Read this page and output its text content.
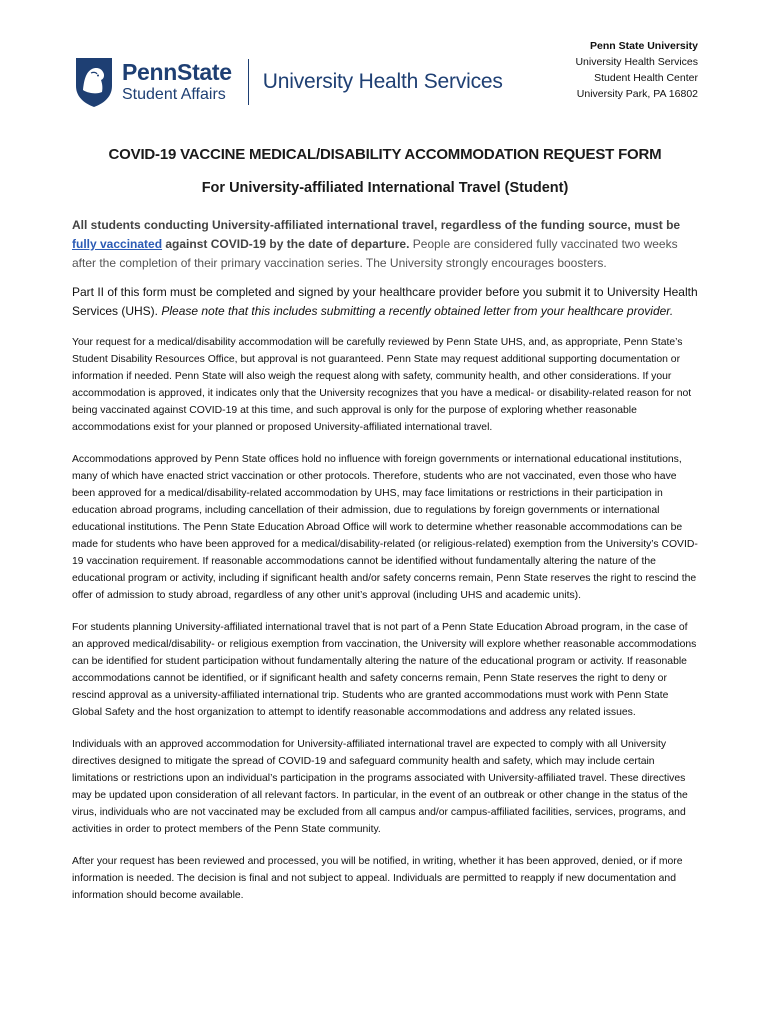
PennState
Student Affairs
University Health Services
Penn State University
University Health Services
Student Health Center
University Park, PA 16802
COVID-19 VACCINE MEDICAL/DISABILITY ACCOMMODATION REQUEST FORM
For University-affiliated International Travel (Student)

All students conducting University-affiliated international travel, regardless of the funding source, must be fully vaccinated against COVID-19 by the date of departure. People are considered fully vaccinated two weeks after the completion of their primary vaccination series. The University strongly encourages boosters.

Part II of this form must be completed and signed by your healthcare provider before you submit it to University Health Services (UHS). Please note that this includes submitting a recently obtained letter from your healthcare provider.

Your request for a medical/disability accommodation will be carefully reviewed by Penn State UHS, and, as appropriate, Penn State’s Student Disability Resources Office, but approval is not guaranteed. Penn State may request additional supporting documentation or information if needed. Penn State will also weigh the request along with safety, community health, and other considerations. If your accommodation is approved, it indicates only that the University recognizes that you have a medical- or disability-related reason for not being vaccinated against COVID-19 at this time, and such approval is only for the purpose of exploring whether reasonable accommodations exist for your planned or proposed University-affiliated international travel.

Accommodations approved by Penn State offices hold no influence with foreign governments or international educational institutions, many of which have enacted strict vaccination or other protocols. Therefore, students who are not vaccinated, even those who have been approved for a medical/disability-related accommodation by UHS, may face limitations or restrictions in their participation in education abroad programs, including cancellation of their admission, due to regulations by foreign governments or international educational institutions. The Penn State Education Abroad Office will work to determine whether reasonable accommodations can be made for students who have been approved for a medical/disability-related (or religious-related) exemption from the University’s COVID-19 vaccination requirement. If reasonable accommodations cannot be identified without fundamentally altering the nature of the educational program or activity, including if significant health and/or safety concerns remain, Penn State reserves the right to rescind the offer of admission to study abroad, regardless of any other unit’s approval (including UHS and academic units).

For students planning University-affiliated international travel that is not part of a Penn State Education Abroad program, in the case of an approved medical/disability- or religious exemption from vaccination, the University will explore whether reasonable accommodations can be identified for student participation without fundamentally altering the nature of the educational program or activity. If reasonable accommodations cannot be identified, or if significant health and safety concerns remain, Penn State reserves the right to deny or rescind approval as a university-affiliated international trip. Students who are granted accommodations must work with Penn State Global Safety and the host organization to attempt to identify reasonable accommodations and address any related issues.

Individuals with an approved accommodation for University-affiliated international travel are expected to comply with all University directives designed to mitigate the spread of COVID-19 and safeguard community health and safety, which may include certain limitations or restrictions upon an individual’s participation in the programs associated with University-affiliated travel. These directives may be updated upon consideration of all relevant factors. In particular, in the event of an outbreak or other change in the status of the virus, individuals who are not vaccinated may be excluded from all campus and/or campus-affiliated facilities, services, programs, and activities in order to protect members of the Penn State community.

After your request has been reviewed and processed, you will be notified, in writing, whether it has been approved, denied, or if more information is needed. The decision is final and not subject to appeal. Individuals are permitted to reapply if new documentation and information should become available.
